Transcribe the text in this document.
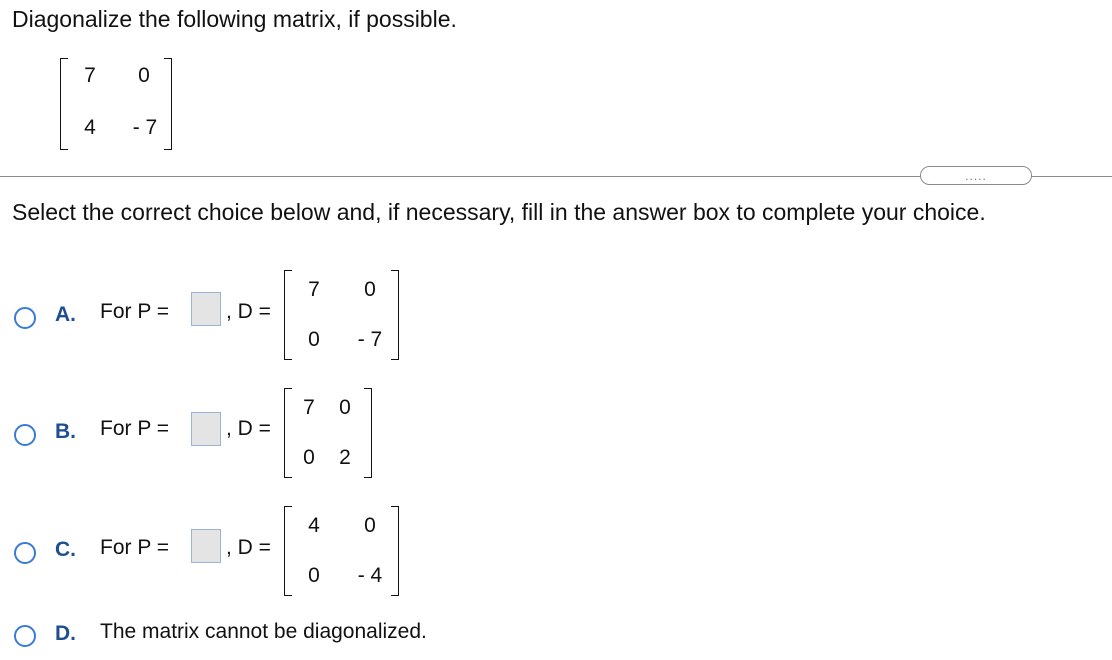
Diagonalize the following matrix, if possible.
7	0
4	- 7
.....
Select the correct choice below and, if necessary, fill in the answer box to complete your choice.
A. For P =	, D =
7	0
0	- 7
B. For P =	, D =
7	0
0	2
C. For P =	, D =
4	0
0	- 4
D. The matrix cannot be diagonalized.
